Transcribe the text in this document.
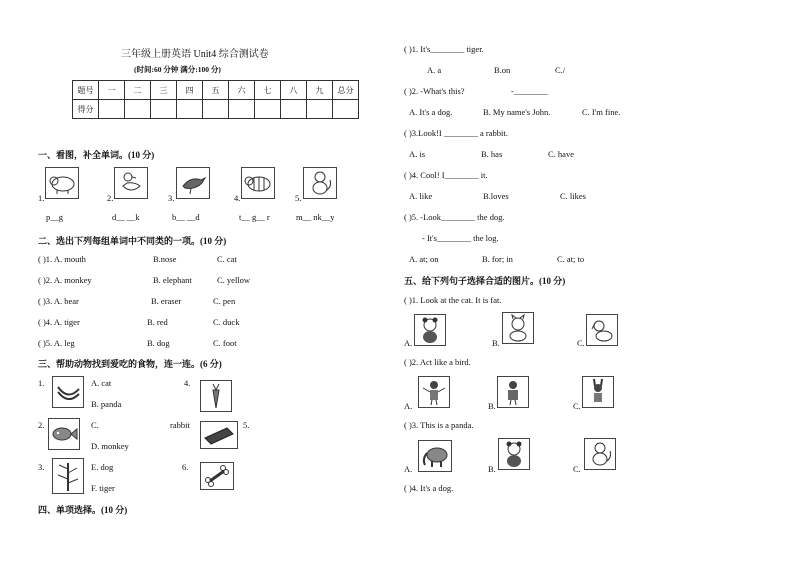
三年级上册英语 Unit4 综合测试卷
(时间:60 分钟 满分:100 分)
题号	一	二	三	四	五	六	七	八	九	总分
得分										
一、看图，补全单词。(10 分)
1.
p__g
2.
d__ __k
3.
b__ __d
4.
t__ g__ r
5.
m__ nk__y
二、选出下列每组单词中不同类的一项。(10 分)
( )1. A. mouth	B.nose	C. cat
( )2. A. monkey	B. elephant	C. yellow
( )3. A. bear	B. eraser	C. pen
( )4. A. tiger	B. red	C. duck
( )5. A. leg	B. dog	C. foot
三、帮助动物找到爱吃的食物，连一连。(6 分)
1.	A. cat
B. panda
2.	C.	rabbit
D. monkey
3.	E. dog
F. tiger
4.
5.
6.
四、单项选择。(10 分)
( )1. It's________ tiger.
A. a	B.on	C./
( )2. -What's this?	-________
A. It's a dog.	B. My name's John.	C. I'm fine.
( )3.Look!I ________ a rabbit.
A. is	B. has	C. have
( )4. Cool! I________ it.
A. like	B.loves	C. likes
( )5. -Look________ the dog.
- It's________ the log.
A. at; on	B. for; in	C. at; to
五、给下列句子选择合适的图片。(10 分)
( )1. Look at the cat. It is fat.
A.	B.	C.
( )2. Act like a bird.
A.	B.	C.
( )3. This is a panda.
A.	B.	C.
( )4. It's a dog.
